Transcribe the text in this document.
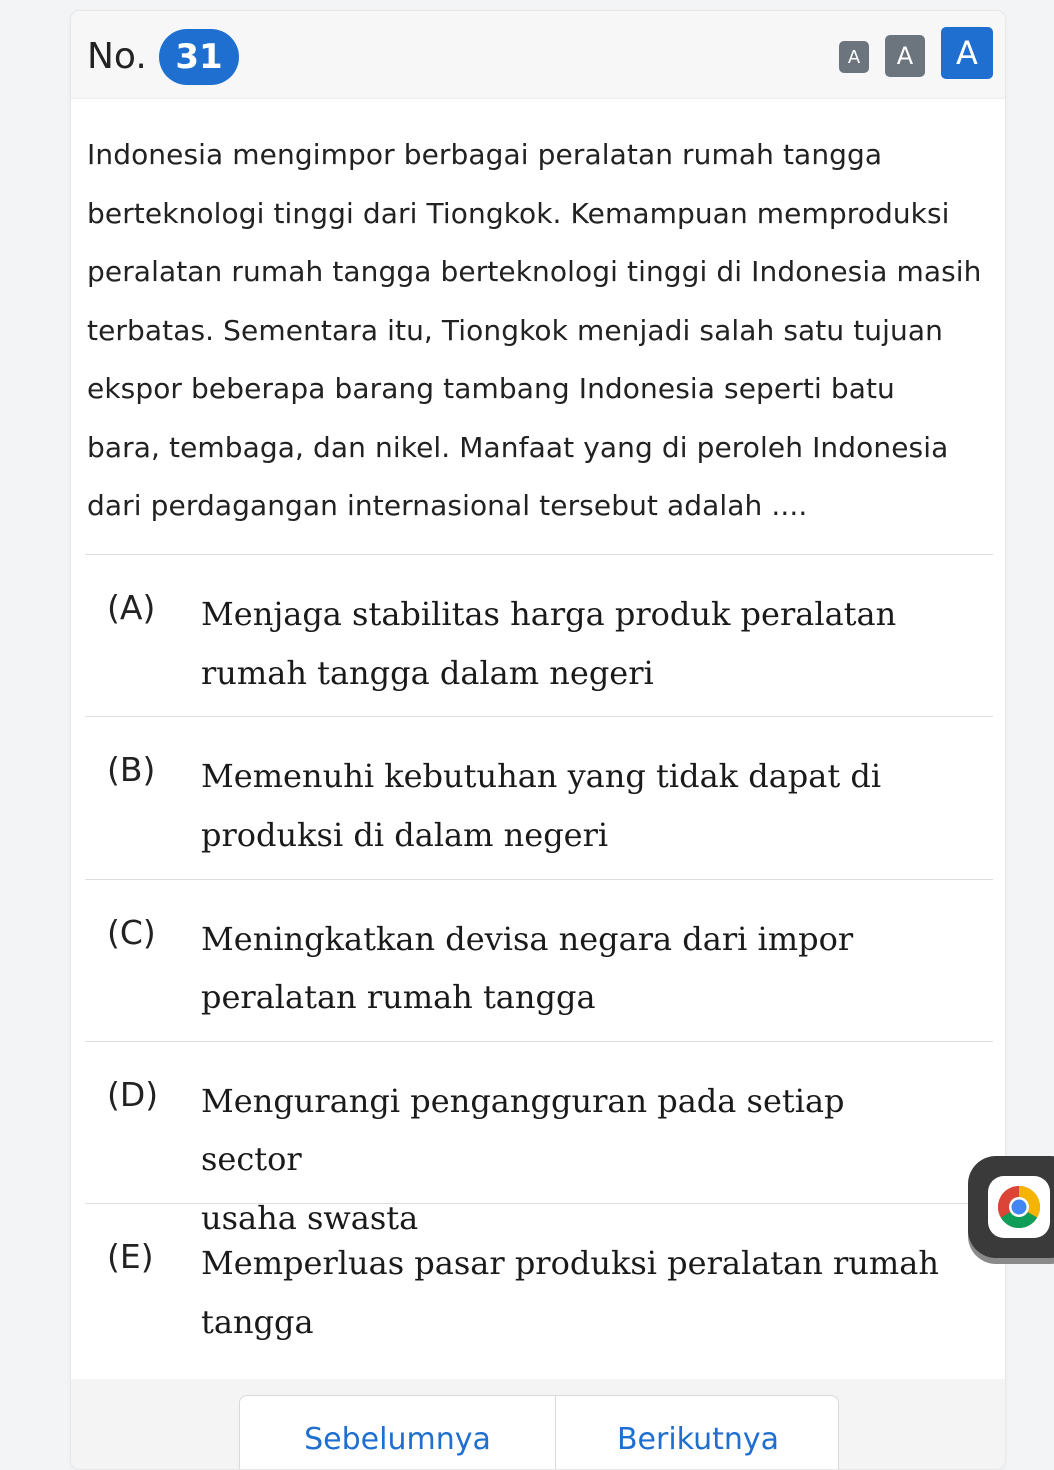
No. 31	A	A	A
Indonesia mengimpor berbagai peralatan rumah tangga
berteknologi tinggi dari Tiongkok. Kemampuan memproduksi
peralatan rumah tangga berteknologi tinggi di Indonesia masih
terbatas. Sementara itu, Tiongkok menjadi salah satu tujuan
ekspor beberapa barang tambang Indonesia seperti batu
bara, tembaga, dan nikel. Manfaat yang di peroleh Indonesia
dari perdagangan internasional tersebut adalah ....
(A)	Menjaga stabilitas harga produk peralatan
rumah tangga dalam negeri
(B)	Memenuhi kebutuhan yang tidak dapat di
produksi di dalam negeri
(C)	Meningkatkan devisa negara dari impor
peralatan rumah tangga
(D)	Mengurangi pengangguran pada setiap sector
usaha swasta
(E)	Memperluas pasar produksi peralatan rumah
tangga
Sebelumnya	Berikutnya
